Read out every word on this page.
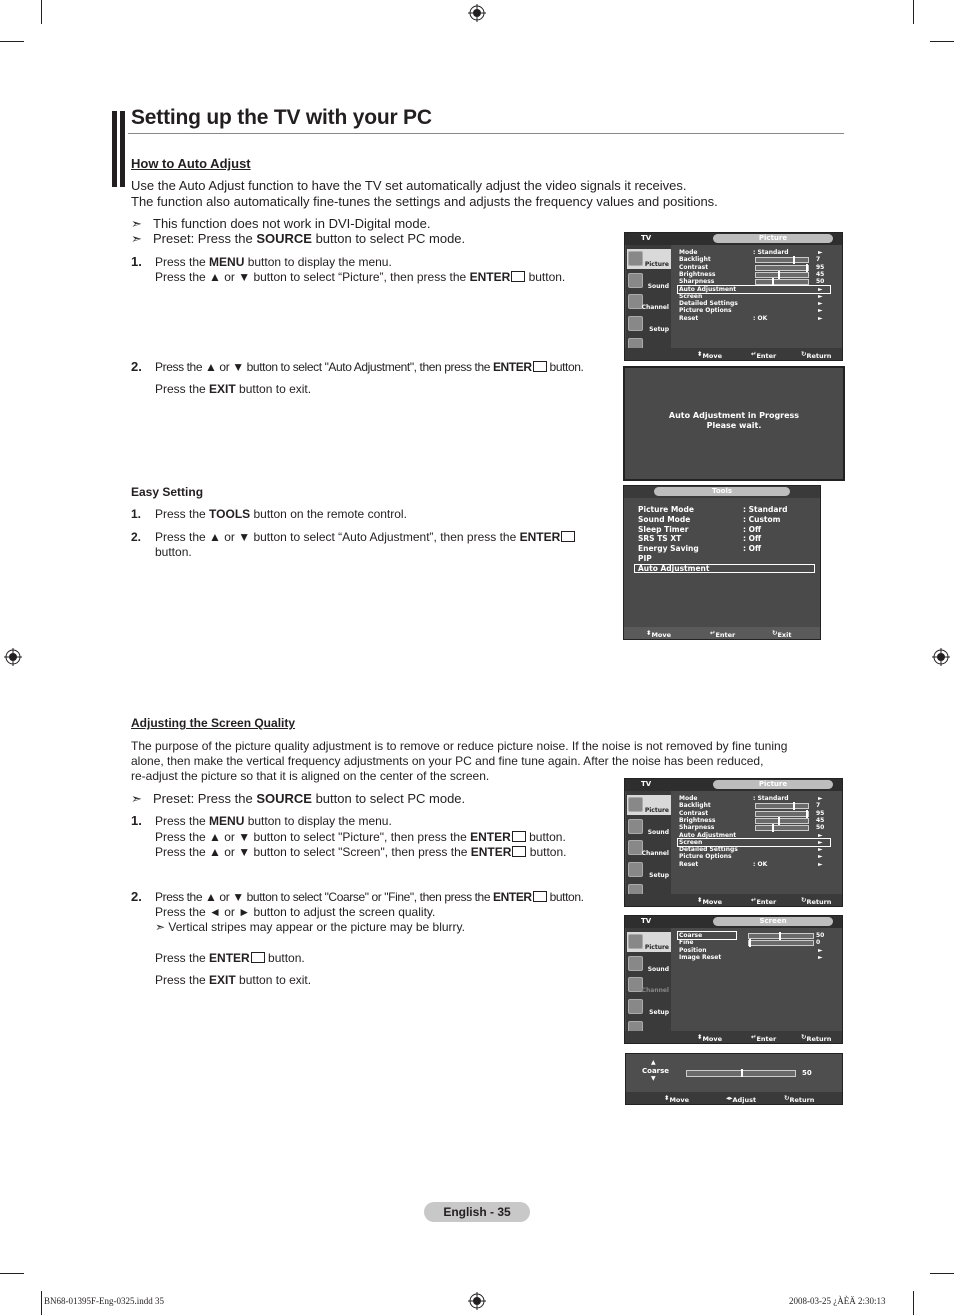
Setting up the TV with your PC
How to Auto Adjust
Use the Auto Adjust function to have the TV set automatically adjust the video signals it receives.
The function also automatically fine-tunes the settings and adjusts the frequency values and positions.
➣ This function does not work in DVI-Digital mode.
➣ Preset: Press the SOURCE button to select PC mode.
1. Press the MENU button to display the menu.
Press the ▲ or ▼ button to select “Picture”, then press the ENTER button.
2. Press the ▲ or ▼ button to select "Auto Adjustment", then press the ENTER button.
Press the EXIT button to exit.
Easy Setting
1. Press the TOOLS button on the remote control.
2. Press the ▲ or ▼ button to select “Auto Adjustment”, then press the ENTER
button.
Adjusting the Screen Quality
The purpose of the picture quality adjustment is to remove or reduce picture noise. If the noise is not removed by fine tuning
alone, then make the vertical frequency adjustments on your PC and fine tune again. After the noise has been reduced,
re-adjust the picture so that it is aligned on the center of the screen.
➣ Preset: Press the SOURCE button to select PC mode.
1. Press the MENU button to display the menu.
Press the ▲ or ▼ button to select "Picture", then press the ENTER button.
Press the ▲ or ▼ button to select "Screen", then press the ENTER button.
2. Press the ▲ or ▼ button to select "Coarse" or "Fine", then press the ENTER button.
Press the ◄ or ► button to adjust the screen quality.
➣ Vertical stripes may appear or the picture may be blurry.
Press the ENTER button.
Press the EXIT button to exit.
TV	Picture
Picture
Sound
Channel
Setup
Mode	: Standard	►
Backlight	7
Contrast	95
Brightness	45
Sharpness	50
Auto Adjustment	►
Screen	►
Detailed Settings	►
Picture Options	►
Reset	: OK	►
⬍ Move	↵ Enter	↻ Return
Auto Adjustment in Progress
Please wait.
Tools
Picture Mode	: Standard
Sound Mode	: Custom
Sleep Timer	: Off
SRS TS XT	: Off
Energy Saving	: Off
PIP
Auto Adjustment
⬍ Move	↵ Enter	↻ Exit
TV	Picture
Picture
Sound
Channel
Setup
Mode	: Standard	►
Backlight	7
Contrast	95
Brightness	45
Sharpness	50
Auto Adjustment	►
Screen	►
Detailed Settings	►
Picture Options	►
Reset	: OK	►
⬍ Move	↵ Enter	↻ Return
TV	Screen
Picture
Sound
Channel
Setup
Coarse	50
Fine	0
Position	►
Image Reset	►
⬍ Move	↵ Enter	↻ Return
▲
Coarse
▼
50
⬍ Move	◂▸ Adjust	↻ Return
English - 35
BN68-01395F-Eng-0325.indd 35	2008-03-25 ¿ÀÈÄ 2:30:13
